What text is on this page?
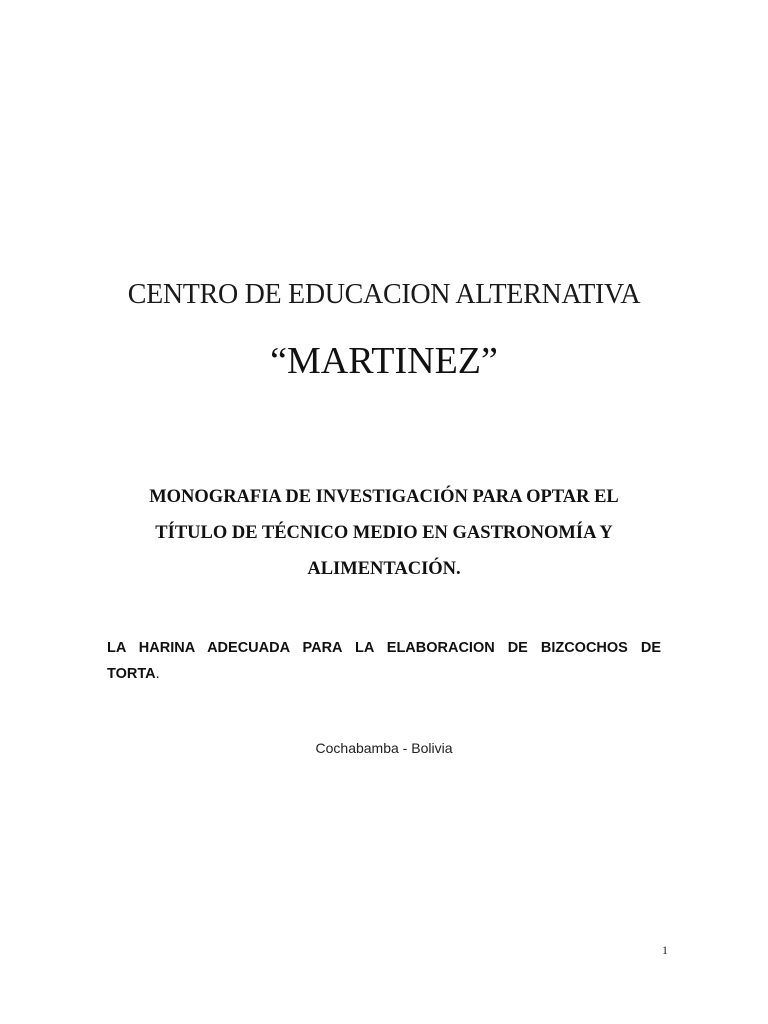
CENTRO DE EDUCACION ALTERNATIVA
“MARTINEZ”
MONOGRAFIA DE INVESTIGACIÓN PARA OPTAR EL
TÍTULO DE TÉCNICO MEDIO EN GASTRONOMÍA Y
ALIMENTACIÓN.
LA HARINA ADECUADA PARA LA ELABORACION DE BIZCOCHOS DE
TORTA.
Cochabamba - Bolivia
1
